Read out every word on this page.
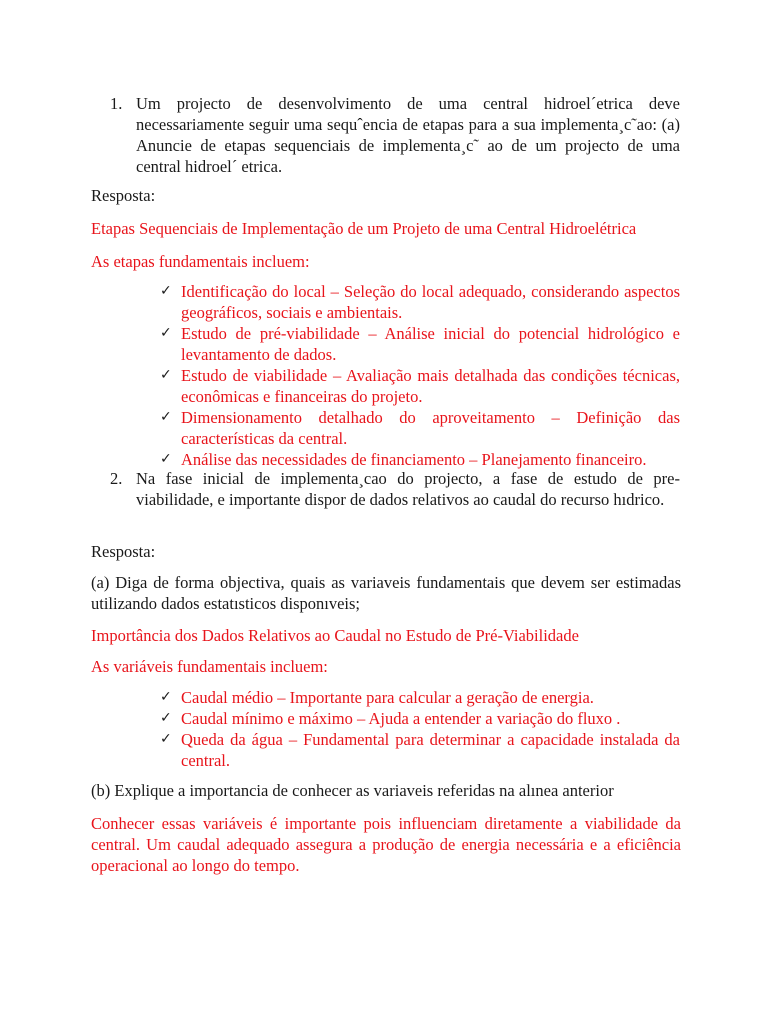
1. Um projecto de desenvolvimento de uma central hidroel´etrica deve necessariamente seguir uma sequˆencia de etapas para a sua implementa¸c˜ao: (a) Anuncie de etapas sequenciais de implementa¸c˜ ao de um projecto de uma central hidroel´ etrica.
Resposta:
Etapas Sequenciais de Implementação de um Projeto de uma Central Hidroelétrica
As etapas fundamentais incluem:
✓ Identificação do local – Seleção do local adequado, considerando aspectos geográficos, sociais e ambientais.
✓ Estudo de pré-viabilidade – Análise inicial do potencial hidrológico e levantamento de dados.
✓ Estudo de viabilidade – Avaliação mais detalhada das condições técnicas, econômicas e financeiras do projeto.
✓ Dimensionamento detalhado do aproveitamento – Definição das características da central.
✓ Análise das necessidades de financiamento – Planejamento financeiro.
2. Na fase inicial de implementa¸cao do projecto, a fase de estudo de pre-viabilidade, e importante dispor de dados relativos ao caudal do recurso hıdrico.
Resposta:
(a) Diga de forma objectiva, quais as variaveis fundamentais que devem ser estimadas utilizando dados estatısticos disponıveis;
Importância dos Dados Relativos ao Caudal no Estudo de Pré-Viabilidade
As variáveis fundamentais incluem:
✓ Caudal médio – Importante para calcular a geração de energia.
✓ Caudal mínimo e máximo – Ajuda a entender a variação do fluxo .
✓ Queda da água – Fundamental para determinar a capacidade instalada da central.
(b) Explique a importancia de conhecer as variaveis referidas na alınea anterior
Conhecer essas variáveis é importante pois influenciam diretamente a viabilidade da central. Um caudal adequado assegura a produção de energia necessária e a eficiência operacional ao longo do tempo.
